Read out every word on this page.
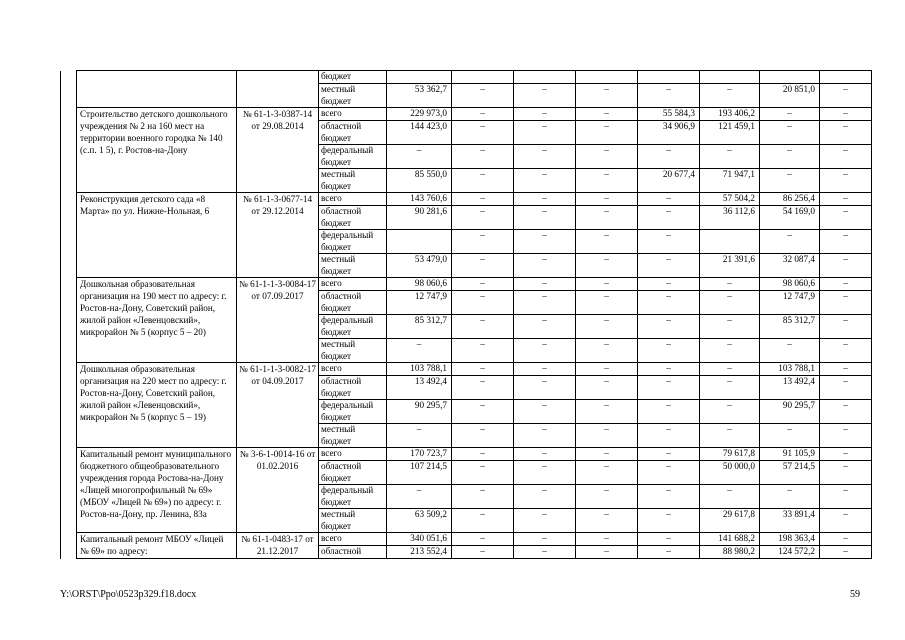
			бюджет								
			местный бюджет	53 362,7	–	–	–	–	–	20 851,0	–
	Строительство детского дошкольного учреждения № 2 на 160 мест на территории военного городка № 140 (с.п. 1 5), г. Ростов-на-Дону	№ 61-1-3-0387-14 от 29.08.2014	всего	229 973,0	–	–	–	55 584,3	193 406,2	–	–
			областной бюджет	144 423,0	–	–	–	34 906,9	121 459,1	–	–
			федеральный бюджет	–	–	–	–	–	–	–	–
			местный бюджет	85 550,0	–	–	–	20 677,4	71 947,1	–	–
	Реконструкция детского сада «8 Марта» по ул. Нижне-Нольная, 6	№ 61-1-3-0677-14 от 29.12.2014	всего	143 760,6	–	–	–	–	57 504,2	86 256,4	–
			областной бюджет	90 281,6	–	–	–	–	36 112,6	54 169,0	–
			федеральный бюджет		–	–	–	–		–	–
			местный бюджет	53 479,0	–	–	–	–	21 391,6	32 087,4	–
	Дошкольная образовательная организация на 190 мест по адресу: г. Ростов-на-Дону, Советский район, жилой район «Левенцовский», микрорайон № 5 (корпус 5 – 20)	№ 61-1-1-3-0084-17 от 07.09.2017	всего	98 060,6	–	–	–	–	–	98 060,6	–
			областной бюджет	12 747,9	–	–	–	–	–	12 747,9	–
			федеральный бюджет	85 312,7	–	–	–	–	–	85 312,7	–
			местный бюджет	–	–	–	–	–	–	–	–
	Дошкольная образовательная организация на 220 мест по адресу: г. Ростов-на-Дону, Советский район, жилой район «Левенцовский», микрорайон № 5 (корпус 5 – 19)	№ 61-1-1-3-0082-17 от 04.09.2017	всего	103 788,1	–	–	–	–	–	103 788,1	–
			областной бюджет	13 492,4	–	–	–	–	–	13 492,4	–
			федеральный бюджет	90 295,7	–	–	–	–	–	90 295,7	–
			местный бюджет	–	–	–	–	–	–	–	–
	Капитальный ремонт муниципального бюджетного общеобразовательного учреждения города Ростова-на-Дону «Лицей многопрофильный № 69» (МБОУ «Лицей № 69») по адресу: г. Ростов-на-Дону, пр. Ленина, 83а	№ 3-6-1-0014-16 от 01.02.2016	всего	170 723,7	–	–	–	–	79 617,8	91 105,9	–
			областной бюджет	107 214,5	–	–	–	–	50 000,0	57 214,5	–
			федеральный бюджет	–	–	–	–	–	–	–	–
			местный бюджет	63 509,2	–	–	–	–	29 617,8	33 891,4	–
	Капитальный ремонт МБОУ «Лицей № 69» по адресу:	№ 61-1-0483-17 от 21.12.2017	всего	340 051,6	–	–	–	–	141 688,2	198 363,4	–
			областной	213 552,4	–	–	–	–	88 980,2	124 572,2	–
Y:\ORST\Ppo\0523p329.f18.docx	59
